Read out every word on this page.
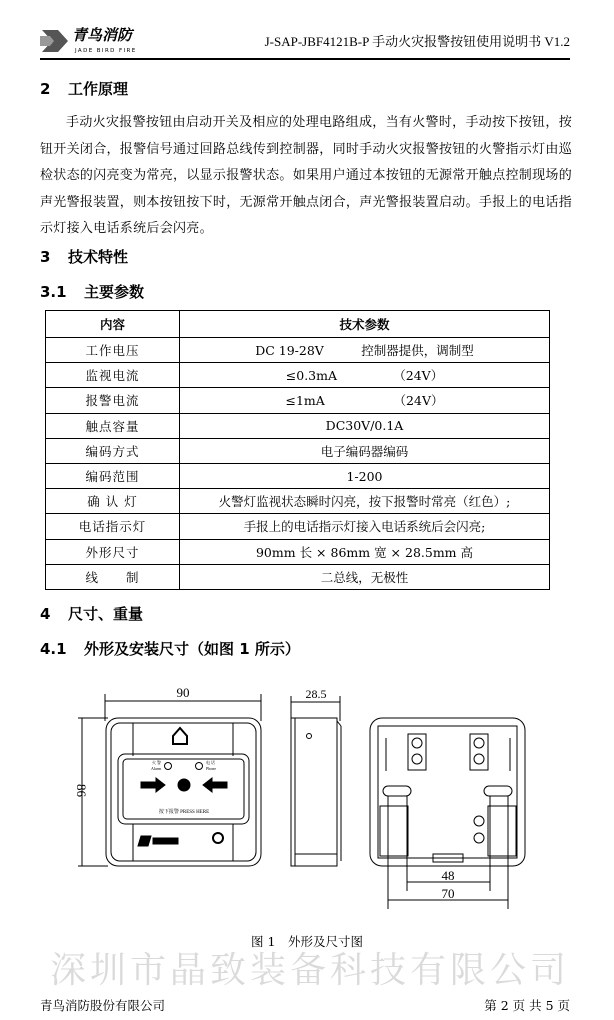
青鸟消防
JADE BIRD FIRE
J-SAP-JBF4121B-P 手动火灾报警按钮使用说明书 V1.2
2 工作原理
手动火灾报警按钮由启动开关及相应的处理电路组成，当有火警时，手动按下按钮，按钮开关闭合，报警信号通过回路总线传到控制器，同时手动火灾报警按钮的火警指示灯由巡检状态的闪亮变为常亮，以显示报警状态。如果用户通过本按钮的无源常开触点控制现场的声光警报装置，则本按钮按下时，无源常开触点闭合，声光警报装置启动。手报上的电话指示灯接入电话系统后会闪亮。
3 技术特性
3.1 主要参数
内容	技术参数
工作电压	DC 19-28V　　　控制器提供，调制型
监视电流	≤0.3mA　　　　　（24V）
报警电流	≤1mA　　　　　　（24V）
触点容量	DC30V/0.1A
编码方式	电子编码器编码
编码范围	1-200
确 认 灯	火警灯监视状态瞬时闪亮，按下报警时常亮（红色）;
电话指示灯	手报上的电话指示灯接入电话系统后会闪亮;
外形尺寸	90mm 长 × 86mm 宽 × 28.5mm 高
线　　制	二总线，无极性
4 尺寸、重量
4.1 外形及安装尺寸（如图 1 所示）
90
86
火 警
Alarm
电 话
Phone
按下报警 PRESS HERE
28.5
48
70
图 1　外形及尺寸图
深圳市晶致装备科技有限公司
青鸟消防股份有限公司	第 2 页 共 5 页
